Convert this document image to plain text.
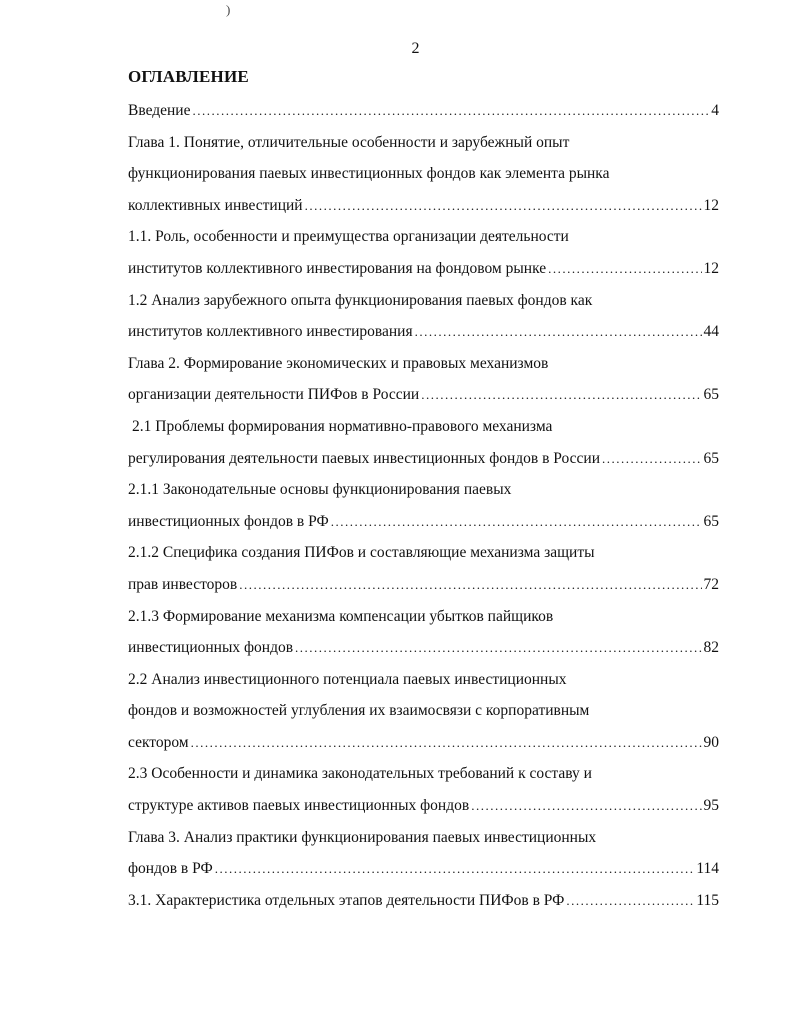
)
2
ОГЛАВЛЕНИЕ
Введение .....	4
Глава 1. Понятие, отличительные особенности и зарубежный опыт
функционирования паевых инвестиционных фондов как элемента рынка
коллективных инвестиций .....	12
1.1. Роль, особенности и преимущества организации деятельности
институтов коллективного инвестирования на фондовом рынке .....	12
1.2 Анализ зарубежного опыта функционирования паевых фондов как
институтов коллективного инвестирования .....	44
Глава 2. Формирование экономических и правовых механизмов
организации деятельности ПИФов в России .....	65
2.1 Проблемы формирования нормативно-правового механизма
регулирования деятельности паевых инвестиционных фондов в России .....	65
2.1.1 Законодательные основы функционирования паевых
инвестиционных фондов в РФ .....	65
2.1.2 Специфика создания ПИФов и составляющие механизма защиты
прав инвесторов .....	72
2.1.3 Формирование механизма компенсации убытков пайщиков
инвестиционных фондов .....	82
2.2 Анализ инвестиционного потенциала паевых инвестиционных
фондов и возможностей углубления их взаимосвязи с корпоративным
сектором .....	90
2.3 Особенности и динамика законодательных требований к составу и
структуре активов паевых инвестиционных фондов .....	95
Глава 3. Анализ практики функционирования паевых инвестиционных
фондов в РФ .....	114
3.1. Характеристика отдельных этапов деятельности ПИФов в РФ .....	115
